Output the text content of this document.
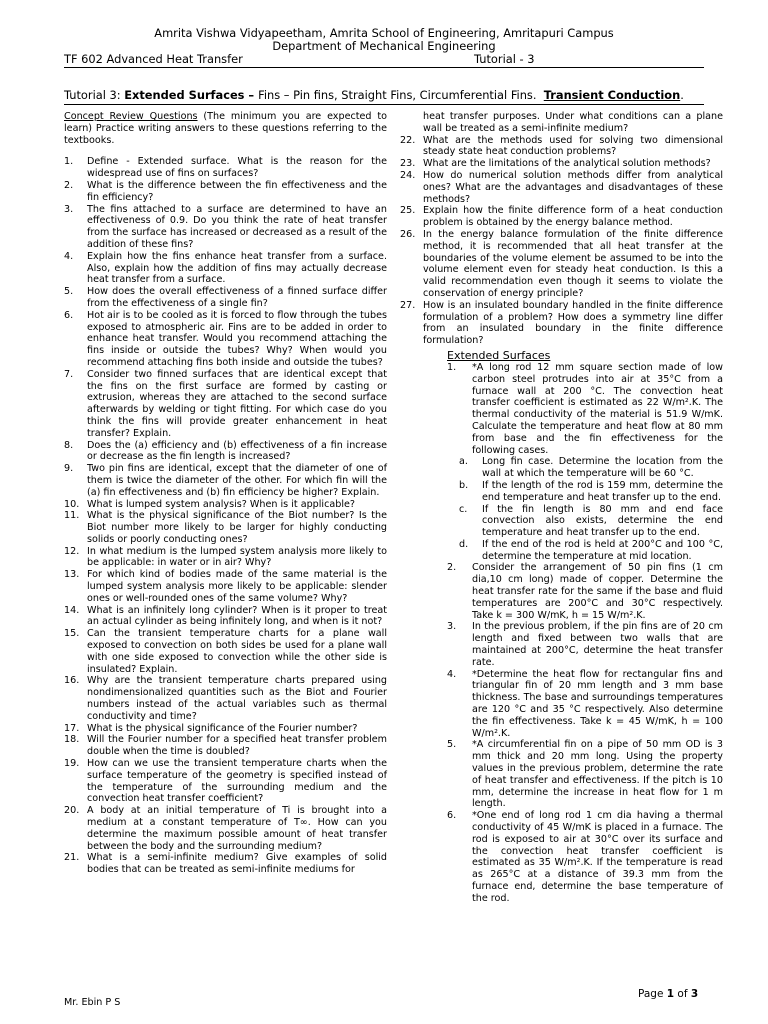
Amrita Vishwa Vidyapeetham, Amrita School of Engineering, Amritapuri Campus
Department of Mechanical Engineering
TF 602 Advanced Heat Transfer	Tutorial - 3
Tutorial 3: Extended Surfaces – Fins – Pin fins, Straight Fins, Circumferential Fins. Transient Conduction.
Concept Review Questions (The minimum you are expected to learn) Practice writing answers to these questions referring to the textbooks.
1. Define - Extended surface. What is the reason for the widespread use of fins on surfaces?
2. What is the difference between the fin effectiveness and the fin efficiency?
3. The fins attached to a surface are determined to have an effectiveness of 0.9. Do you think the rate of heat transfer from the surface has increased or decreased as a result of the addition of these fins?
4. Explain how the fins enhance heat transfer from a surface. Also, explain how the addition of fins may actually decrease heat transfer from a surface.
5. How does the overall effectiveness of a finned surface differ from the effectiveness of a single fin?
6. Hot air is to be cooled as it is forced to flow through the tubes exposed to atmospheric air. Fins are to be added in order to enhance heat transfer. Would you recommend attaching the fins inside or outside the tubes? Why? When would you recommend attaching fins both inside and outside the tubes?
7. Consider two finned surfaces that are identical except that the fins on the first surface are formed by casting or extrusion, whereas they are attached to the second surface afterwards by welding or tight fitting. For which case do you think the fins will provide greater enhancement in heat transfer? Explain.
8. Does the (a) efficiency and (b) effectiveness of a fin increase or decrease as the fin length is increased?
9. Two pin fins are identical, except that the diameter of one of them is twice the diameter of the other. For which fin will the (a) fin effectiveness and (b) fin efficiency be higher? Explain.
10. What is lumped system analysis? When is it applicable?
11. What is the physical significance of the Biot number? Is the Biot number more likely to be larger for highly conducting solids or poorly conducting ones?
12. In what medium is the lumped system analysis more likely to be applicable: in water or in air? Why?
13. For which kind of bodies made of the same material is the lumped system analysis more likely to be applicable: slender ones or well-rounded ones of the same volume? Why?
14. What is an infinitely long cylinder? When is it proper to treat an actual cylinder as being infinitely long, and when is it not?
15. Can the transient temperature charts for a plane wall exposed to convection on both sides be used for a plane wall with one side exposed to convection while the other side is insulated? Explain.
16. Why are the transient temperature charts prepared using nondimensionalized quantities such as the Biot and Fourier numbers instead of the actual variables such as thermal conductivity and time?
17. What is the physical significance of the Fourier number?
18. Will the Fourier number for a specified heat transfer problem double when the time is doubled?
19. How can we use the transient temperature charts when the surface temperature of the geometry is specified instead of the temperature of the surrounding medium and the convection heat transfer coefficient?
20. A body at an initial temperature of Ti is brought into a medium at a constant temperature of T∞. How can you determine the maximum possible amount of heat transfer between the body and the surrounding medium?
21. What is a semi-infinite medium? Give examples of solid bodies that can be treated as semi-infinite mediums for
heat transfer purposes. Under what conditions can a plane wall be treated as a semi-infinite medium?
22. What are the methods used for solving two dimensional steady state heat conduction problems?
23. What are the limitations of the analytical solution methods?
24. How do numerical solution methods differ from analytical ones? What are the advantages and disadvantages of these methods?
25. Explain how the finite difference form of a heat conduction problem is obtained by the energy balance method.
26. In the energy balance formulation of the finite difference method, it is recommended that all heat transfer at the boundaries of the volume element be assumed to be into the volume element even for steady heat conduction. Is this a valid recommendation even though it seems to violate the conservation of energy principle?
27. How is an insulated boundary handled in the finite difference formulation of a problem? How does a symmetry line differ from an insulated boundary in the finite difference formulation?
Extended Surfaces
1. *A long rod 12 mm square section made of low carbon steel protrudes into air at 35°C from a furnace wall at 200 °C. The convection heat transfer coefficient is estimated as 22 W/m².K. The thermal conductivity of the material is 51.9 W/mK. Calculate the temperature and heat flow at 80 mm from base and the fin effectiveness for the following cases.
a. Long fin case. Determine the location from the wall at which the temperature will be 60 °C.
b. If the length of the rod is 159 mm, determine the end temperature and heat transfer up to the end.
c. If the fin length is 80 mm and end face convection also exists, determine the end temperature and heat transfer up to the end.
d. If the end of the rod is held at 200°C and 100 °C, determine the temperature at mid location.
2. Consider the arrangement of 50 pin fins (1 cm dia,10 cm long) made of copper. Determine the heat transfer rate for the same if the base and fluid temperatures are 200°C and 30°C respectively. Take k = 300 W/mK, h = 15 W/m².K.
3. In the previous problem, if the pin fins are of 20 cm length and fixed between two walls that are maintained at 200°C, determine the heat transfer rate.
4. *Determine the heat flow for rectangular fins and triangular fin of 20 mm length and 3 mm base thickness. The base and surroundings temperatures are 120 °C and 35 °C respectively. Also determine the fin effectiveness. Take k = 45 W/mK, h = 100 W/m².K.
5. *A circumferential fin on a pipe of 50 mm OD is 3 mm thick and 20 mm long. Using the property values in the previous problem, determine the rate of heat transfer and effectiveness. If the pitch is 10 mm, determine the increase in heat flow for 1 m length.
6. *One end of long rod 1 cm dia having a thermal conductivity of 45 W/mK is placed in a furnace. The rod is exposed to air at 30°C over its surface and the convection heat transfer coefficient is estimated as 35 W/m².K. If the temperature is read as 265°C at a distance of 39.3 mm from the furnace end, determine the base temperature of the rod.
Mr. Ebin P S
Page 1 of 3
